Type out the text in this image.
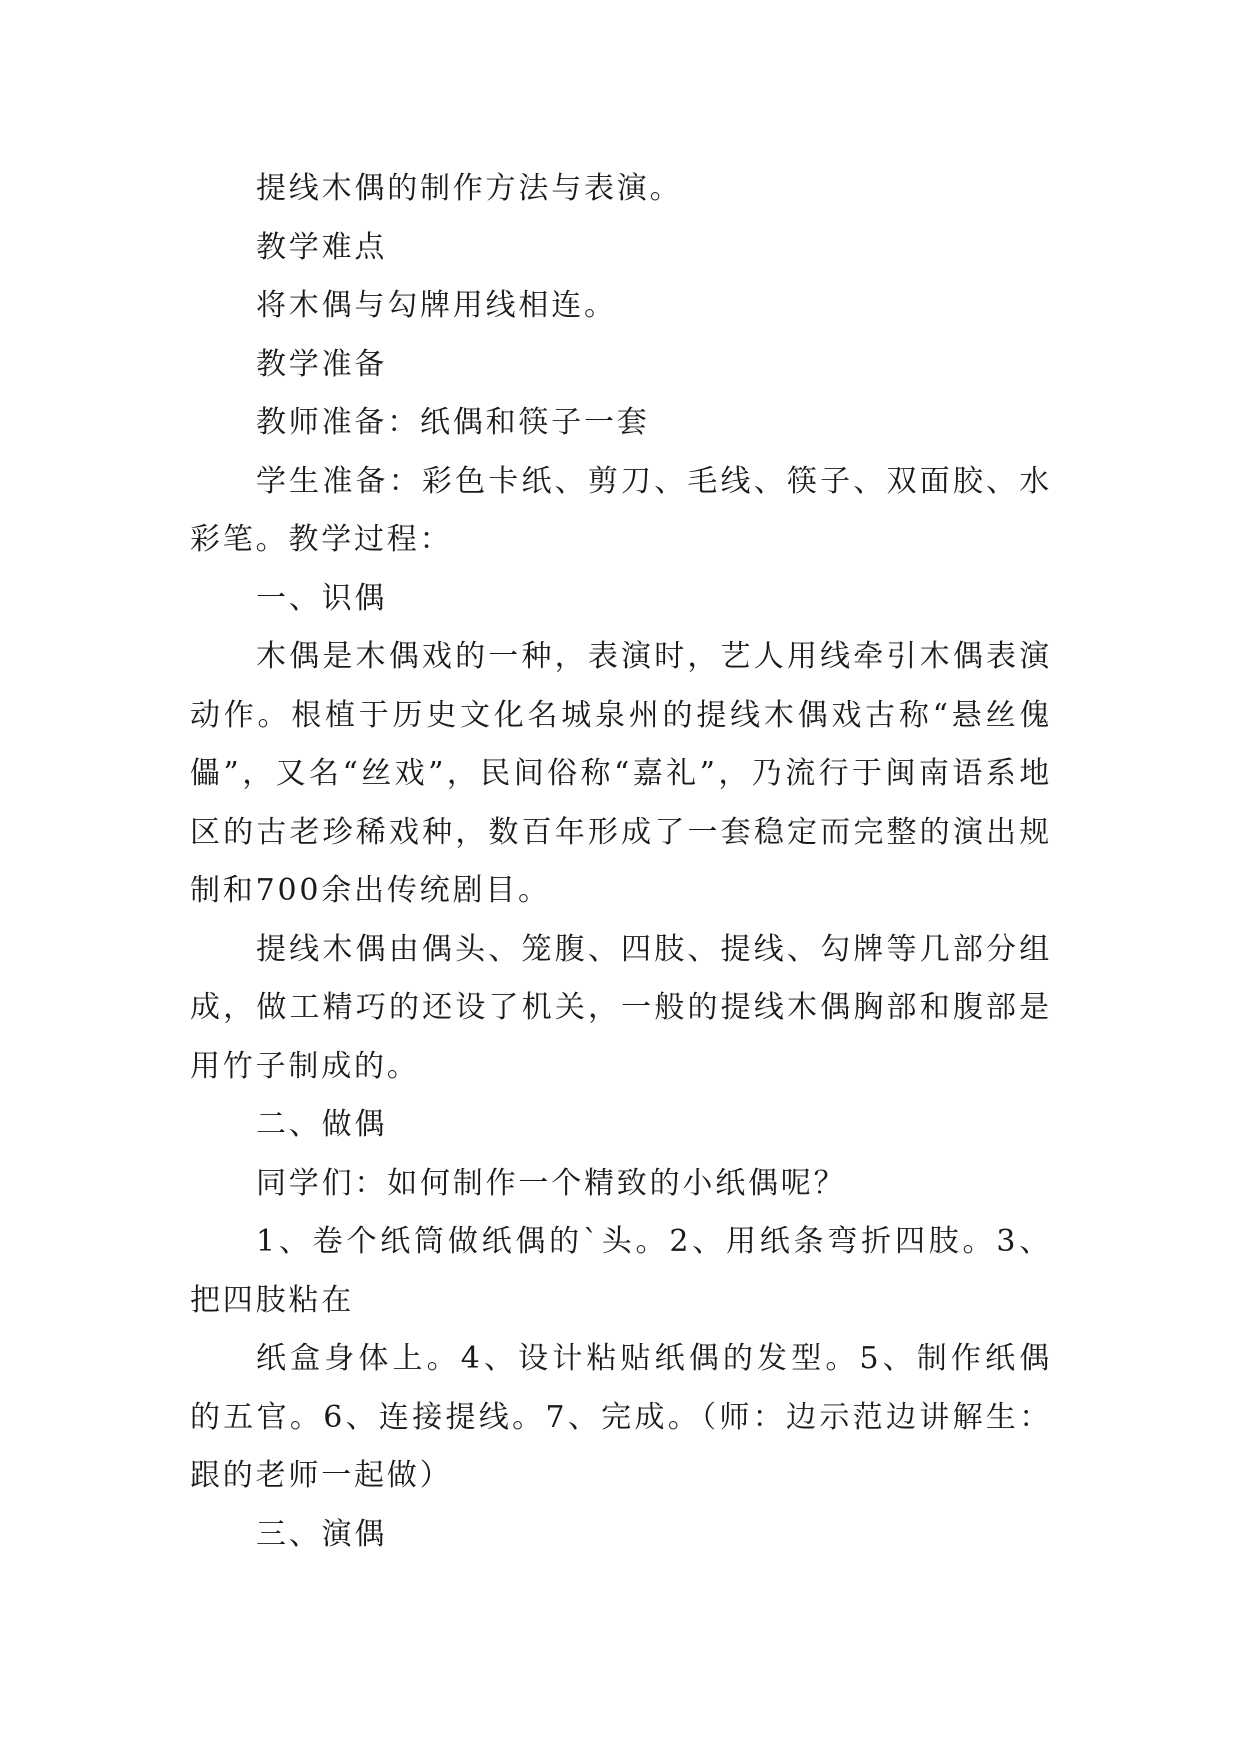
提线木偶的制作方法与表演。

教学难点

将木偶与勾牌用线相连。

教学准备

教师准备：纸偶和筷子一套

学生准备：彩色卡纸、剪刀、毛线、筷子、双面胶、水彩笔。教学过程：

一、识偶

木偶是木偶戏的一种，表演时，艺人用线牵引木偶表演动作。根植于历史文化名城泉州的提线木偶戏古称“悬丝傀儡”，又名“丝戏”，民间俗称“嘉礼”，乃流行于闽南语系地区的古老珍稀戏种，数百年形成了一套稳定而完整的演出规制和700余出传统剧目。

提线木偶由偶头、笼腹、四肢、提线、勾牌等几部分组成，做工精巧的还设了机关，一般的提线木偶胸部和腹部是用竹子制成的。

二、做偶

同学们：如何制作一个精致的小纸偶呢？

1、卷个纸筒做纸偶的`头。2、用纸条弯折四肢。3、把四肢粘在

纸盒身体上。4、设计粘贴纸偶的发型。5、制作纸偶的五官。6、连接提线。7、完成。（师：边示范边讲解生：跟的老师一起做）

三、演偶
